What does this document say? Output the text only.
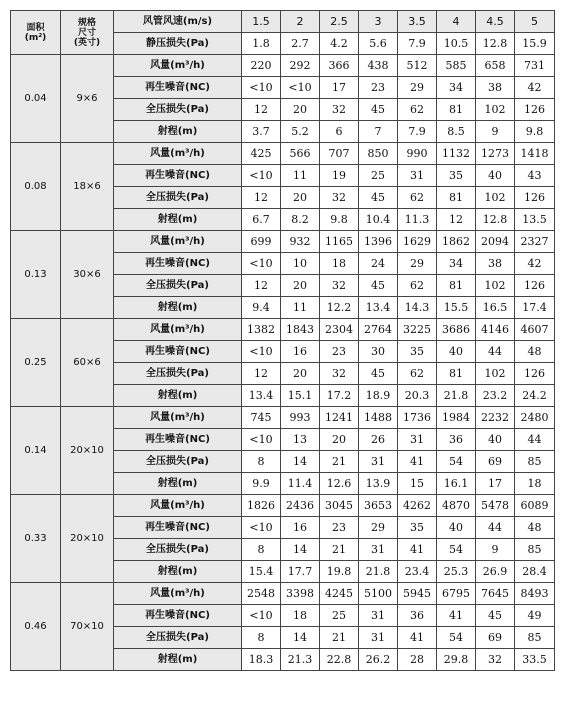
面积
(m²)	规格
尺寸
(英寸)	风管风速(m/s)	1.5	2	2.5	3	3.5	4	4.5	5
		静压损失(Pa)	1.8	2.7	4.2	5.6	7.9	10.5	12.8	15.9
0.04	9×6	风量(m³/h)	220	292	366	438	512	585	658	731
		再生噪音(NC)	<10	<10	17	23	29	34	38	42
		全压损失(Pa)	12	20	32	45	62	81	102	126
		射程(m)	3.7	5.2	6	7	7.9	8.5	9	9.8
0.08	18×6	风量(m³/h)	425	566	707	850	990	1132	1273	1418
		再生噪音(NC)	<10	11	19	25	31	35	40	43
		全压损失(Pa)	12	20	32	45	62	81	102	126
		射程(m)	6.7	8.2	9.8	10.4	11.3	12	12.8	13.5
0.13	30×6	风量(m³/h)	699	932	1165	1396	1629	1862	2094	2327
		再生噪音(NC)	<10	10	18	24	29	34	38	42
		全压损失(Pa)	12	20	32	45	62	81	102	126
		射程(m)	9.4	11	12.2	13.4	14.3	15.5	16.5	17.4
0.25	60×6	风量(m³/h)	1382	1843	2304	2764	3225	3686	4146	4607
		再生噪音(NC)	<10	16	23	30	35	40	44	48
		全压损失(Pa)	12	20	32	45	62	81	102	126
		射程(m)	13.4	15.1	17.2	18.9	20.3	21.8	23.2	24.2
0.14	20×10	风量(m³/h)	745	993	1241	1488	1736	1984	2232	2480
		再生噪音(NC)	<10	13	20	26	31	36	40	44
		全压损失(Pa)	8	14	21	31	41	54	69	85
		射程(m)	9.9	11.4	12.6	13.9	15	16.1	17	18
0.33	20×10	风量(m³/h)	1826	2436	3045	3653	4262	4870	5478	6089
		再生噪音(NC)	<10	16	23	29	35	40	44	48
		全压损失(Pa)	8	14	21	31	41	54	9	85
		射程(m)	15.4	17.7	19.8	21.8	23.4	25.3	26.9	28.4
0.46	70×10	风量(m³/h)	2548	3398	4245	5100	5945	6795	7645	8493
		再生噪音(NC)	<10	18	25	31	36	41	45	49
		全压损失(Pa)	8	14	21	31	41	54	69	85
		射程(m)	18.3	21.3	22.8	26.2	28	29.8	32	33.5
